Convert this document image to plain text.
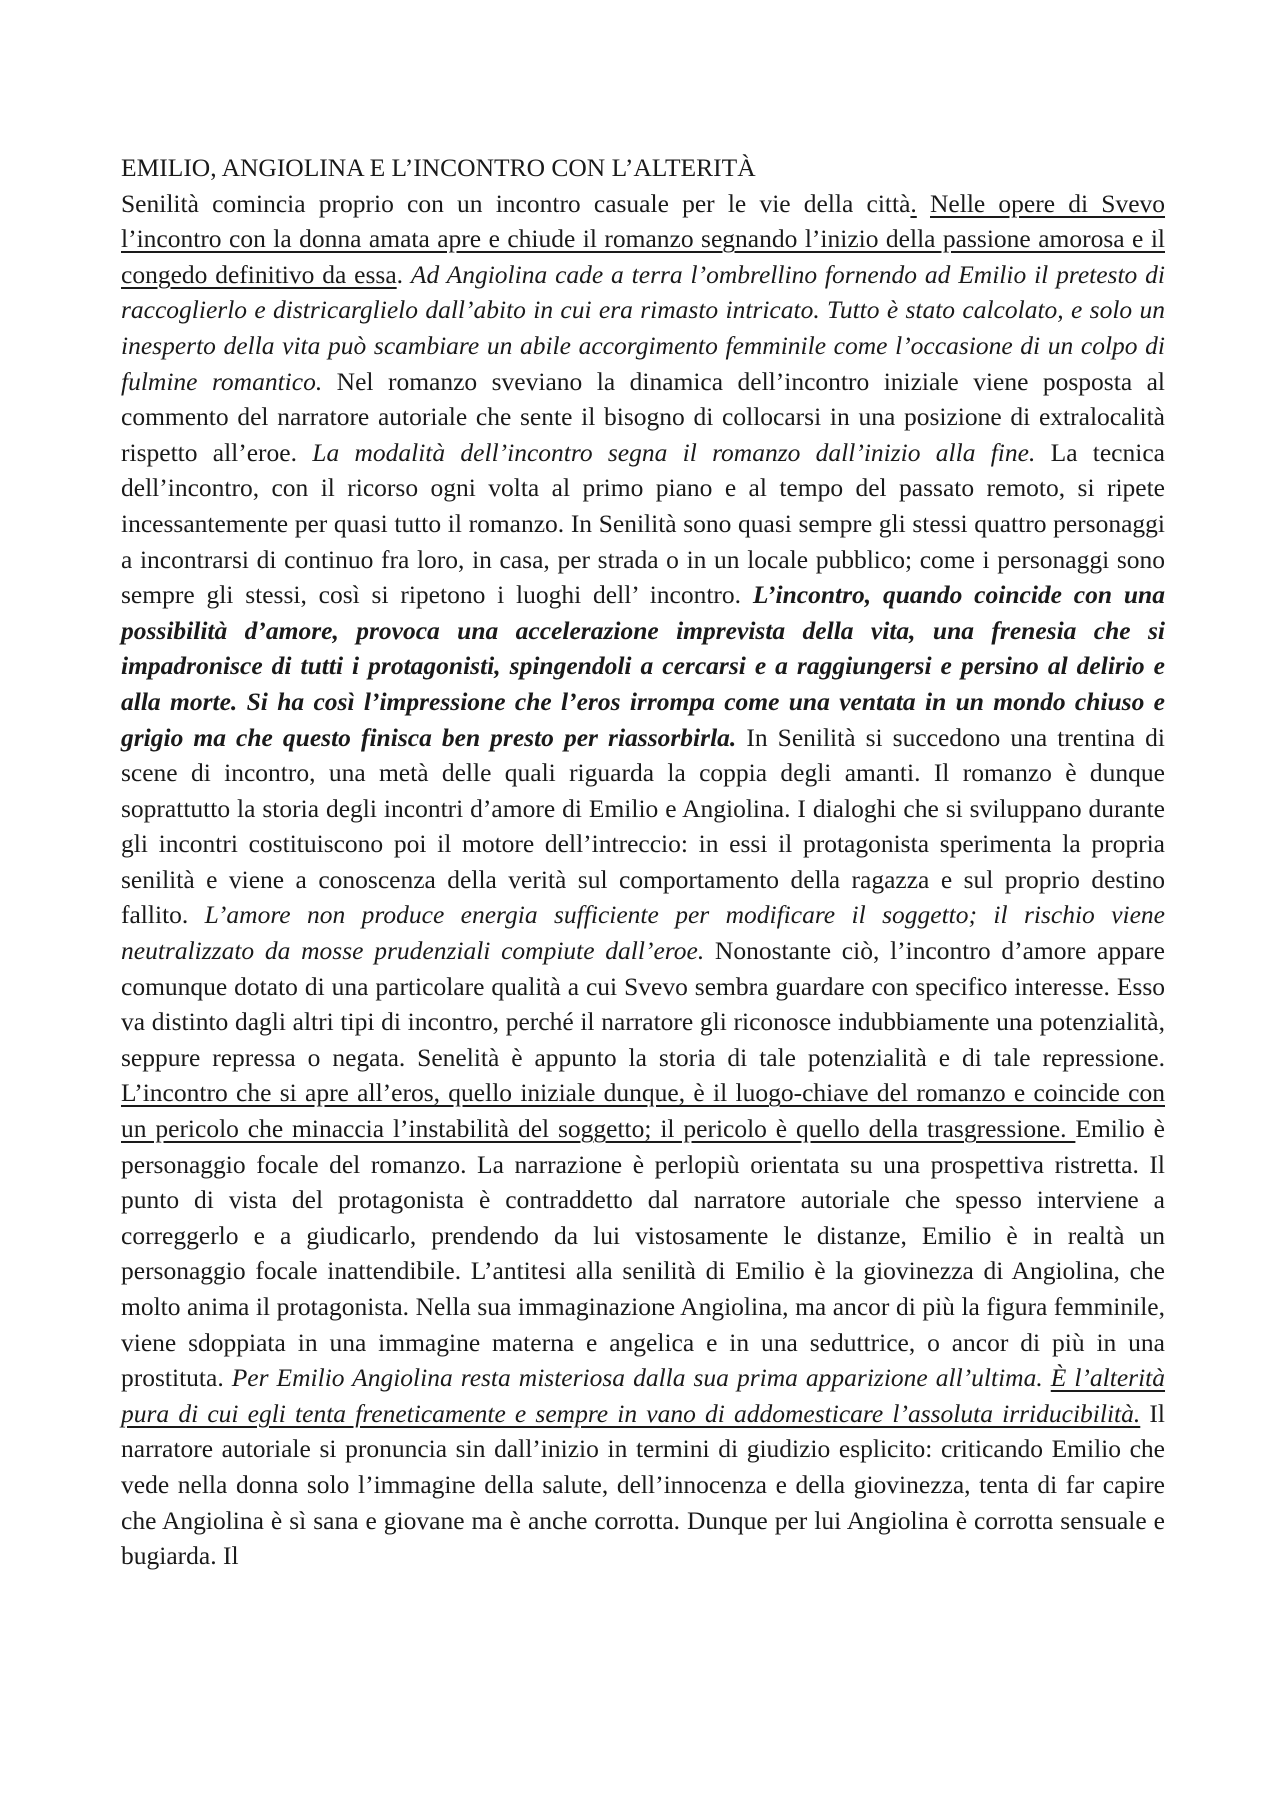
EMILIO, ANGIOLINA E L’INCONTRO CON L’ALTERITÀ

Senilità comincia proprio con un incontro casuale per le vie della città. Nelle opere di Svevo l’incontro con la donna amata apre e chiude il romanzo segnando l’inizio della passione amorosa e il congedo definitivo da essa. Ad Angiolina cade a terra l’ombrellino fornendo ad Emilio il pretesto di raccoglierlo e districarglielo dall’abito in cui era rimasto intricato. Tutto è stato calcolato, e solo un inesperto della vita può scambiare un abile accorgimento femminile come l’occasione di un colpo di fulmine romantico. Nel romanzo sveviano la dinamica dell’incontro iniziale viene posposta al commento del narratore autoriale che sente il bisogno di collocarsi in una posizione di extralocalità rispetto all’eroe. La modalità dell’incontro segna il romanzo dall’inizio alla fine. La tecnica dell’incontro, con il ricorso ogni volta al primo piano e al tempo del passato remoto, si ripete incessantemente per quasi tutto il romanzo. In Senilità sono quasi sempre gli stessi quattro personaggi a incontrarsi di continuo fra loro, in casa, per strada o in un locale pubblico; come i personaggi sono sempre gli stessi, così si ripetono i luoghi dell’ incontro. L’incontro, quando coincide con una possibilità d’amore, provoca una accelerazione imprevista della vita, una frenesia che si impadronisce di tutti i protagonisti, spingendoli a cercarsi e a raggiungersi e persino al delirio e alla morte. Si ha così l’impressione che l’eros irrompa come una ventata in un mondo chiuso e grigio ma che questo finisca ben presto per riassorbirla. In Senilità si succedono una trentina di scene di incontro, una metà delle quali riguarda la coppia degli amanti. Il romanzo è dunque soprattutto la storia degli incontri d’amore di Emilio e Angiolina. I dialoghi che si sviluppano durante gli incontri costituiscono poi il motore dell’intreccio: in essi il protagonista sperimenta la propria senilità e viene a conoscenza della verità sul comportamento della ragazza e sul proprio destino fallito. L’amore non produce energia sufficiente per modificare il soggetto; il rischio viene neutralizzato da mosse prudenziali compiute dall’eroe. Nonostante ciò, l’incontro d’amore appare comunque dotato di una particolare qualità a cui Svevo sembra guardare con specifico interesse. Esso va distinto dagli altri tipi di incontro, perché il narratore gli riconosce indubbiamente una potenzialità, seppure repressa o negata. Senelità è appunto la storia di tale potenzialità e di tale repressione. L’incontro che si apre all’eros, quello iniziale dunque, è il luogo-chiave del romanzo e coincide con un pericolo che minaccia l’instabilità del soggetto; il pericolo è quello della trasgressione. Emilio è personaggio focale del romanzo. La narrazione è perlopiù orientata su una prospettiva ristretta. Il punto di vista del protagonista è contraddetto dal narratore autoriale che spesso interviene a correggerlo e a giudicarlo, prendendo da lui vistosamente le distanze, Emilio è in realtà un personaggio focale inattendibile. L’antitesi alla senilità di Emilio è la giovinezza di Angiolina, che molto anima il protagonista. Nella sua immaginazione Angiolina, ma ancor di più la figura femminile, viene sdoppiata in una immagine materna e angelica e in una seduttrice, o ancor di più in una prostituta. Per Emilio Angiolina resta misteriosa dalla sua prima apparizione all’ultima. È l’alterità pura di cui egli tenta freneticamente e sempre in vano di addomesticare l’assoluta irriducibilità. Il narratore autoriale si pronuncia sin dall’inizio in termini di giudizio esplicito: criticando Emilio che vede nella donna solo l’immagine della salute, dell’innocenza e della giovinezza, tenta di far capire che Angiolina è sì sana e giovane ma è anche corrotta. Dunque per lui Angiolina è corrotta sensuale e bugiarda. Il
